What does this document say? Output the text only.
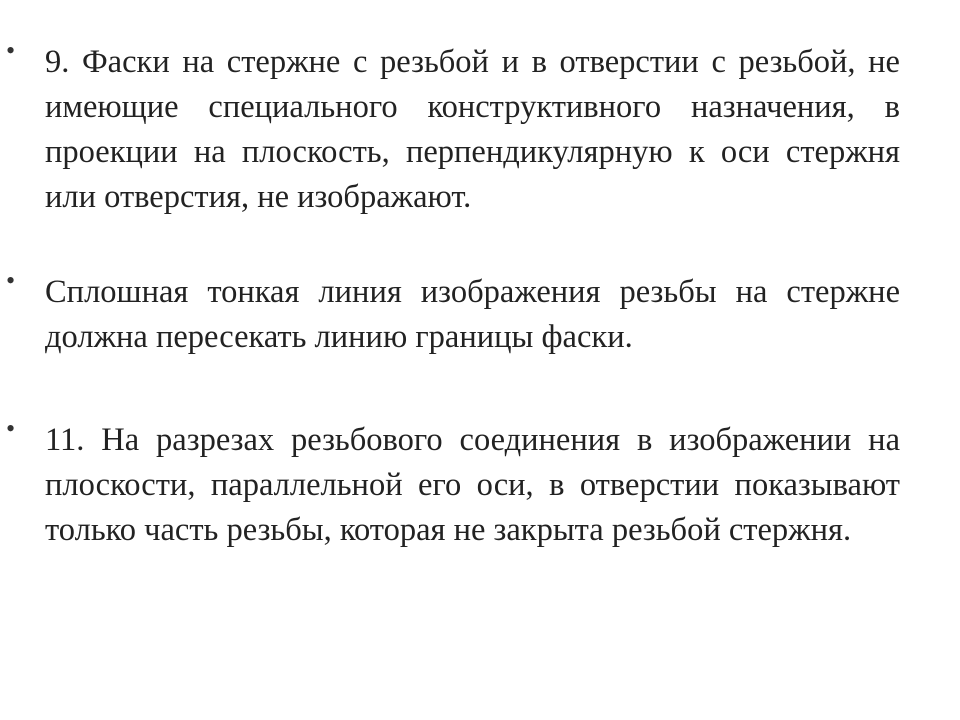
• 9. Фаски на стержне с резьбой и в отверстии с резьбой, не имеющие специального конструктивного назначения, в проекции на плоскость, перпендикулярную к оси стержня или отверстия, не изображают.

• Сплошная тонкая линия изображения резьбы на стержне должна пересекать линию границы фаски.

• 11. На разрезах резьбового соединения в изображении на плоскости, параллельной его оси, в отверстии показывают только часть резьбы, которая не закрыта резьбой стержня.
